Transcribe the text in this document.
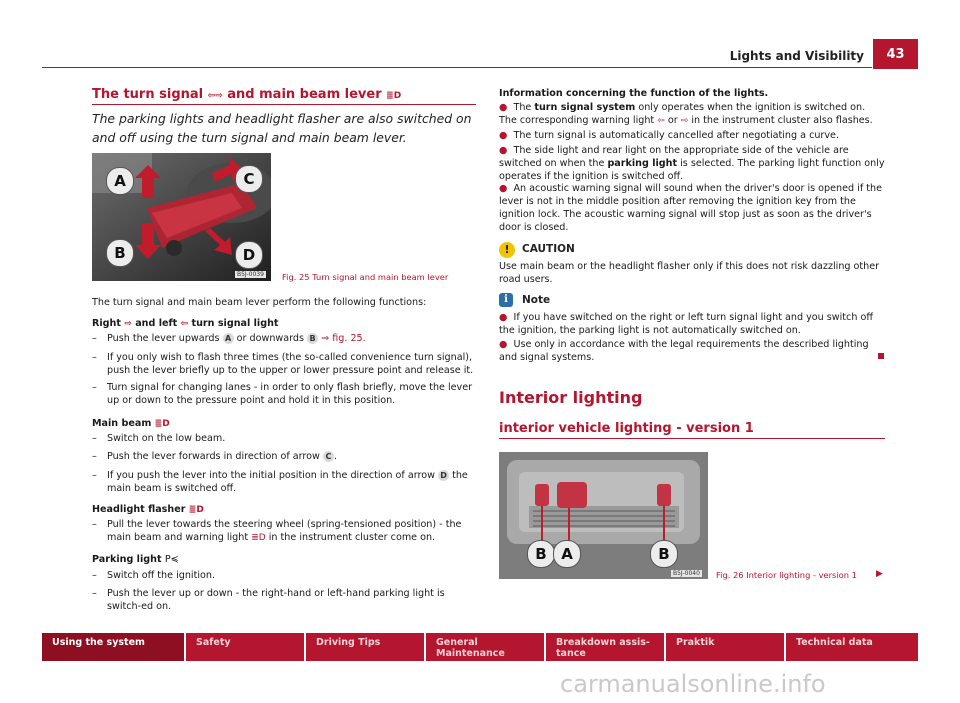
Lights and Visibility	43
The turn signal ⇦⇨ and main beam lever ≣D
The parking lights and headlight flasher are also switched on and off using the turn signal and main beam lever.
A
B
C
D
B5J-0039 Fig. 25 Turn signal and main beam lever
The turn signal and main beam lever perform the following functions:
Right ⇨ and left ⇦ turn signal light
– Push the lever upwards A or downwards B ⇒ fig. 25.
– If you only wish to flash three times (the so-called convenience turn signal), push the lever briefly up to the upper or lower pressure point and release it.
– Turn signal for changing lanes - in order to only flash briefly, move the lever up or down to the pressure point and hold it in this position.
Main beam ≣D
– Switch on the low beam.
– Push the lever forwards in direction of arrow C .
– If you push the lever into the initial position in the direction of arrow D the main beam is switched off.
Headlight flasher ≣D
– Pull the lever towards the steering wheel (spring-tensioned position) - the main beam and warning light ≣D in the instrument cluster come on.
Parking light P≼
– Switch off the ignition.
– Push the lever up or down - the right-hand or left-hand parking light is switch-ed on.
Information concerning the function of the lights.
● The turn signal system only operates when the ignition is switched on. The corresponding warning light ⇦ or ⇨ in the instrument cluster also flashes.
● The turn signal is automatically cancelled after negotiating a curve.
● The side light and rear light on the appropriate side of the vehicle are switched on when the parking light is selected. The parking light function only operates if the ignition is switched off.
● An acoustic warning signal will sound when the driver's door is opened if the lever is not in the middle position after removing the ignition key from the ignition lock. The acoustic warning signal will stop just as soon as the driver's door is closed.
!	CAUTION
Use main beam or the headlight flasher only if this does not risk dazzling other road users.
i	Note
● If you have switched on the right or left turn signal light and you switch off the ignition, the parking light is not automatically switched on.
● Use only in accordance with the legal requirements the described lighting and signal systems.
Interior lighting
interior vehicle lighting - version 1
B A	B
B5J-0040 Fig. 26 Interior lighting - version 1 ▶
Using the system	Safety	Driving Tips	General Maintenance
Breakdown assis-
tance
Praktik	Technical data
carmanualsonline.info
